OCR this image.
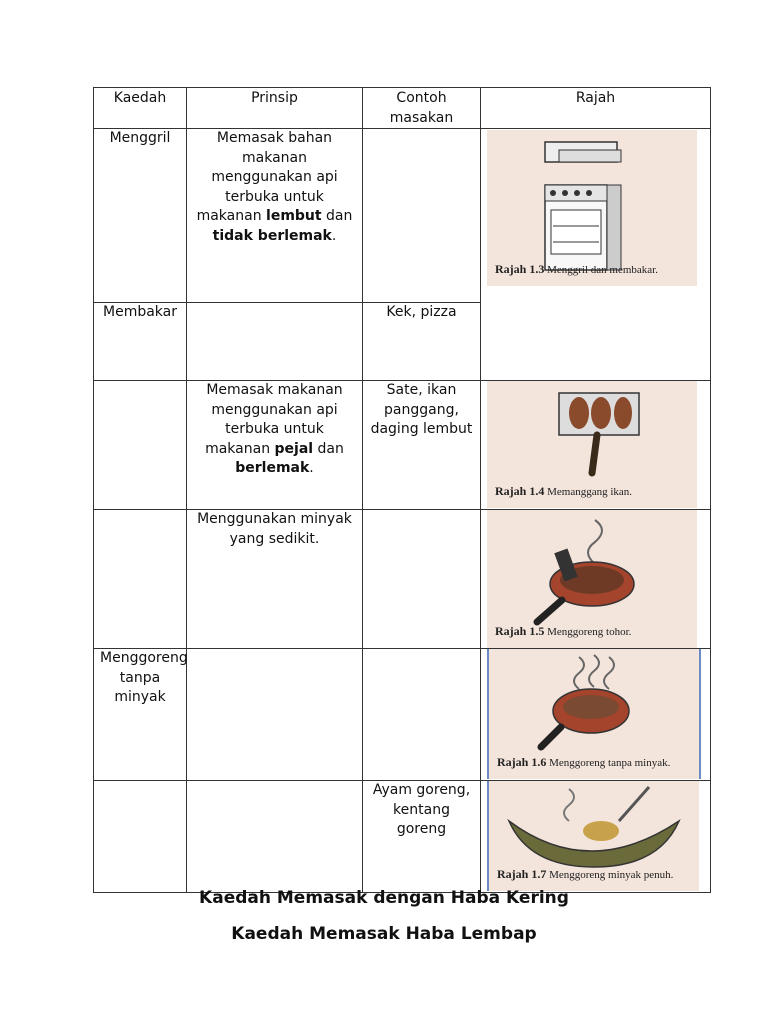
Kaedah	Prinsip	Contoh masakan	Rajah
Menggril	Memasak bahan makanan menggunakan api terbuka untuk makanan lembut dan tidak berlemak.		Rajah 1.3 Menggril dan membakar.

Membakar		Kek, pizza	
	Memasak makanan menggunakan api terbuka untuk makanan pejal dan berlemak.	Sate, ikan panggang, daging lembut	Rajah 1.4 Memanggang ikan.

	Menggunakan minyak yang sedikit.		Rajah 1.5 Menggoreng tohor.

Menggoreng tanpa minyak			Rajah 1.6 Menggoreng tanpa minyak.

		Ayam goreng, kentang goreng	Rajah 1.7 Menggoreng minyak penuh.
Kaedah Memasak dengan Haba Kering
Kaedah Memasak Haba Lembap
